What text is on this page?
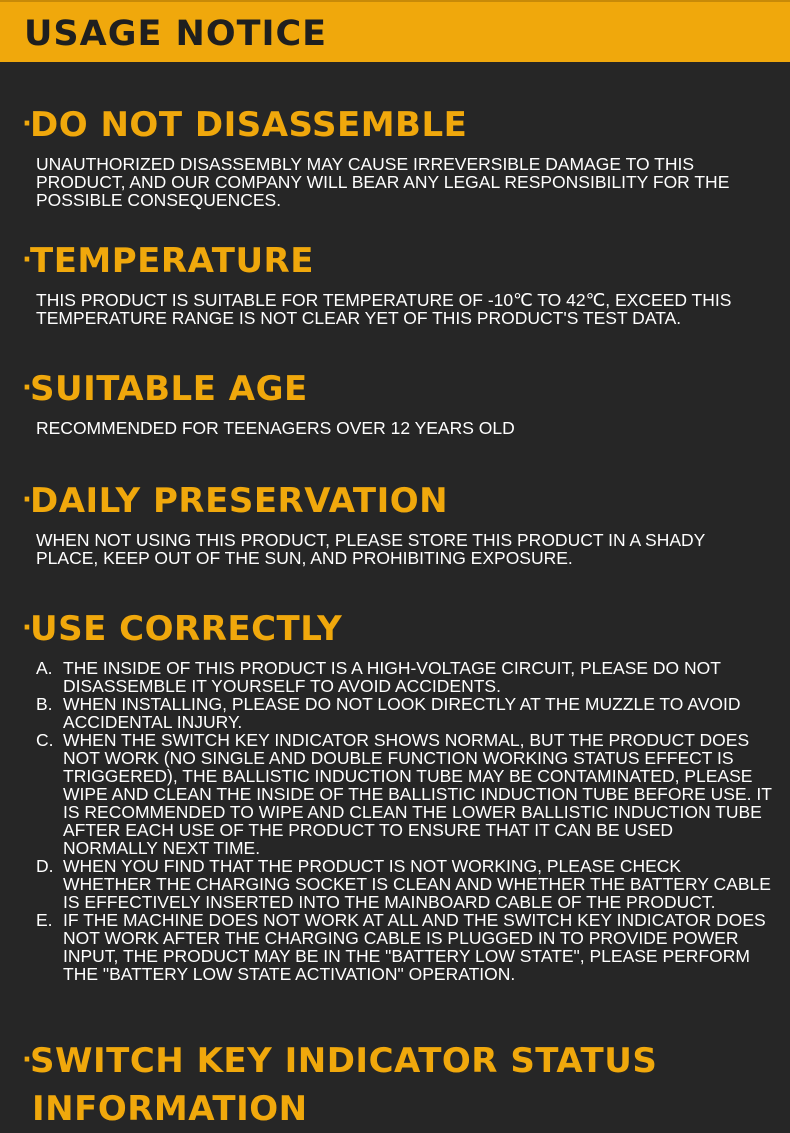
USAGE NOTICE
·DO NOT DISASSEMBLE

UNAUTHORIZED DISASSEMBLY MAY CAUSE IRREVERSIBLE DAMAGE TO THIS PRODUCT, AND OUR COMPANY WILL BEAR ANY LEGAL RESPONSIBILITY FOR THE POSSIBLE CONSEQUENCES.

·TEMPERATURE

THIS PRODUCT IS SUITABLE FOR TEMPERATURE OF -10℃ TO 42℃, EXCEED THIS TEMPERATURE RANGE IS NOT CLEAR YET OF THIS PRODUCT'S TEST DATA.

·SUITABLE AGE

RECOMMENDED FOR TEENAGERS OVER 12 YEARS OLD

·DAILY PRESERVATION

WHEN NOT USING THIS PRODUCT, PLEASE STORE THIS PRODUCT IN A SHADY PLACE, KEEP OUT OF THE SUN, AND PROHIBITING EXPOSURE.

·USE CORRECTLY
A. THE INSIDE OF THIS PRODUCT IS A HIGH-VOLTAGE CIRCUIT, PLEASE DO NOT DISASSEMBLE IT YOURSELF TO AVOID ACCIDENTS.
B. WHEN INSTALLING, PLEASE DO NOT LOOK DIRECTLY AT THE MUZZLE TO AVOID ACCIDENTAL INJURY.
C. WHEN THE SWITCH KEY INDICATOR SHOWS NORMAL, BUT THE PRODUCT DOES NOT WORK (NO SINGLE AND DOUBLE FUNCTION WORKING STATUS EFFECT IS TRIGGERED), THE BALLISTIC INDUCTION TUBE MAY BE CONTAMINATED, PLEASE WIPE AND CLEAN THE INSIDE OF THE BALLISTIC INDUCTION TUBE BEFORE USE. IT IS RECOMMENDED TO WIPE AND CLEAN THE LOWER BALLISTIC INDUCTION TUBE AFTER EACH USE OF THE PRODUCT TO ENSURE THAT IT CAN BE USED NORMALLY NEXT TIME.
D. WHEN YOU FIND THAT THE PRODUCT IS NOT WORKING, PLEASE CHECK WHETHER THE CHARGING SOCKET IS CLEAN AND WHETHER THE BATTERY CABLE IS EFFECTIVELY INSERTED INTO THE MAINBOARD CABLE OF THE PRODUCT.
E. IF THE MACHINE DOES NOT WORK AT ALL AND THE SWITCH KEY INDICATOR DOES NOT WORK AFTER THE CHARGING CABLE IS PLUGGED IN TO PROVIDE POWER INPUT, THE PRODUCT MAY BE IN THE "BATTERY LOW STATE", PLEASE PERFORM THE "BATTERY LOW STATE ACTIVATION" OPERATION.
·SWITCH KEY INDICATOR STATUS
INFORMATION
